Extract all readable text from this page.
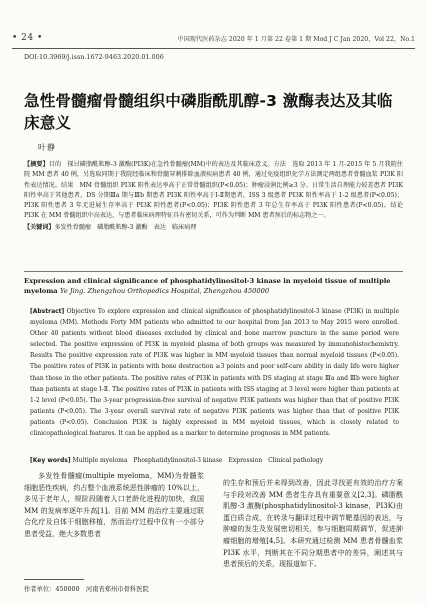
• 24 •	中国现代医药杂志 2020 年 1 月第 22 卷第 1 期 Mod J C Jan 2020，Vol 22，No.1
DOI:10.3969/j.issn.1672-9463.2020.01.006
急性骨髓瘤骨髓组织中磷脂酰肌醇-3 激酶表达及其临床意义
叶静
【摘要】目的　探讨磷脂酰肌醇-3 激酶(PI3K)在急性骨髓瘤(MM)中的表达及其临床意义。方法　选取 2013 年 1 月-2015 年 5 月我院住院 MM 患者 40 例，另选取同期于我院经临床和骨髓穿刺排除血液疾病患者 40 例，通过免疫组织化学方法测定两组患者骨髓血浆 PI3K 阳性表达情况。结果　MM 骨髓组织 PI3K 阳性表达率高于正常骨髓组织(P<0.05)；肿瘤浸润比例≥3 分、日常生活自理能力较差患者 PI3K 阳性率高于其他患者，DS 分期Ⅲa 期与Ⅲb 期患者 PI3K 阳性率高于Ⅰ-Ⅱ期患者，ISS 3 级患者 PI3K 阳性率高于 1-2 级患者(P<0.05)；PI3K 阳性患者 3 年无进展生存率高于 PI3K 阴性患者(P<0.05)；PI3K 阴性患者 3 年总生存率高于 PI3K 阳性患者(P<0.05)。结论　PI3K 在 MM 骨髓组织中高表达，与患者临床病理特征具有密切关系，可作为判断 MM 患者预后的标志物之一。
【关键词】多发性骨髓瘤　磷脂酰肌醇-3 激酶　表达　临床病理
Expression and clinical significance of phosphatidylinositol-3 kinase in myeloid tissue of multiple myeloma Ye Jing. Zhengzhou Orthopedics Hospital, Zhengzhou 450000
[Abstract] Objective To explore expression and clinical significance of phosphatidylinositol-3 kinase (PI3K) in multiple myeloma (MM). Methods Forty MM patients who admitted to our hospital from Jan 2013 to May 2015 were enrolled. Other 40 patients without blood diseases excluded by clinical and bone marrow puncture in the same period were selected. The positive expression of PI3K in myeloid plasma of both groups was measured by immunohistochemistry. Results The positive expression rate of PI3K was higher in MM myeloid tissues than normal myeloid tissues (P<0.05). The positive rates of PI3K in patients with bone destruction ≥3 points and poor self-care ability in daily life were higher than those in the other patients. The positive rates of PI3K in patients with DS staging at stage Ⅲa and Ⅲb were higher than patients at stage Ⅰ-Ⅱ. The positive rates of PI3K in patients with ISS staging at 3 level were higher than patients at 1-2 level (P<0.05). The 3-year progression-free survival of negative PI3K patients was higher than that of positive PI3K patients (P<0.05). The 3-year overall survival rate of negative PI3K patients was higher than that of positive PI3K patients (P<0.05). Conclusion PI3K is highly expressed in MM myeloid tissues, which is closely related to clinicopathological features. It can be applied as a marker to determine prognosis in MM patients.
[Key words] Multiple myeloma　Phosphatidylinositol-3 kinase　Expression　Clinical pathology

多发性骨髓瘤(multiple myeloma，MM)为骨髓浆细胞恶性疾病，约占整个血液系统恶性肿瘤的 10%以上，多见于老年人，规阶段随着人口老龄化进程的加快，我国 MM 的发病率逐年升高[1]。目前 MM 的治疗主要通过联合化疗及自体干细胞移植，然而治疗过程中仅有一小部分患者受益，绝大多数患者

的生存和预后并未得到改善，因此寻找更有效的治疗方案与手段对改善 MM 患者生存具有重要意义[2,3]。磷脂酰肌醇-3 激酶(phosphatidylinositol-3 kinase，PI3K)由蛋白质合成，在转录与翻译过程中调节靶基因的表达，与肿瘤的发生及发展密切相关，参与细胞周期调节，促进肿瘤细胞的增殖[4,5]。本研究通过检测 MM 患者骨髓血浆 PI3K 水平，判断其在不同分期患者中的差异，阐述其与患者预后的关系，现报道如下。

作者单位：450000　河南省郑州市骨科医院
